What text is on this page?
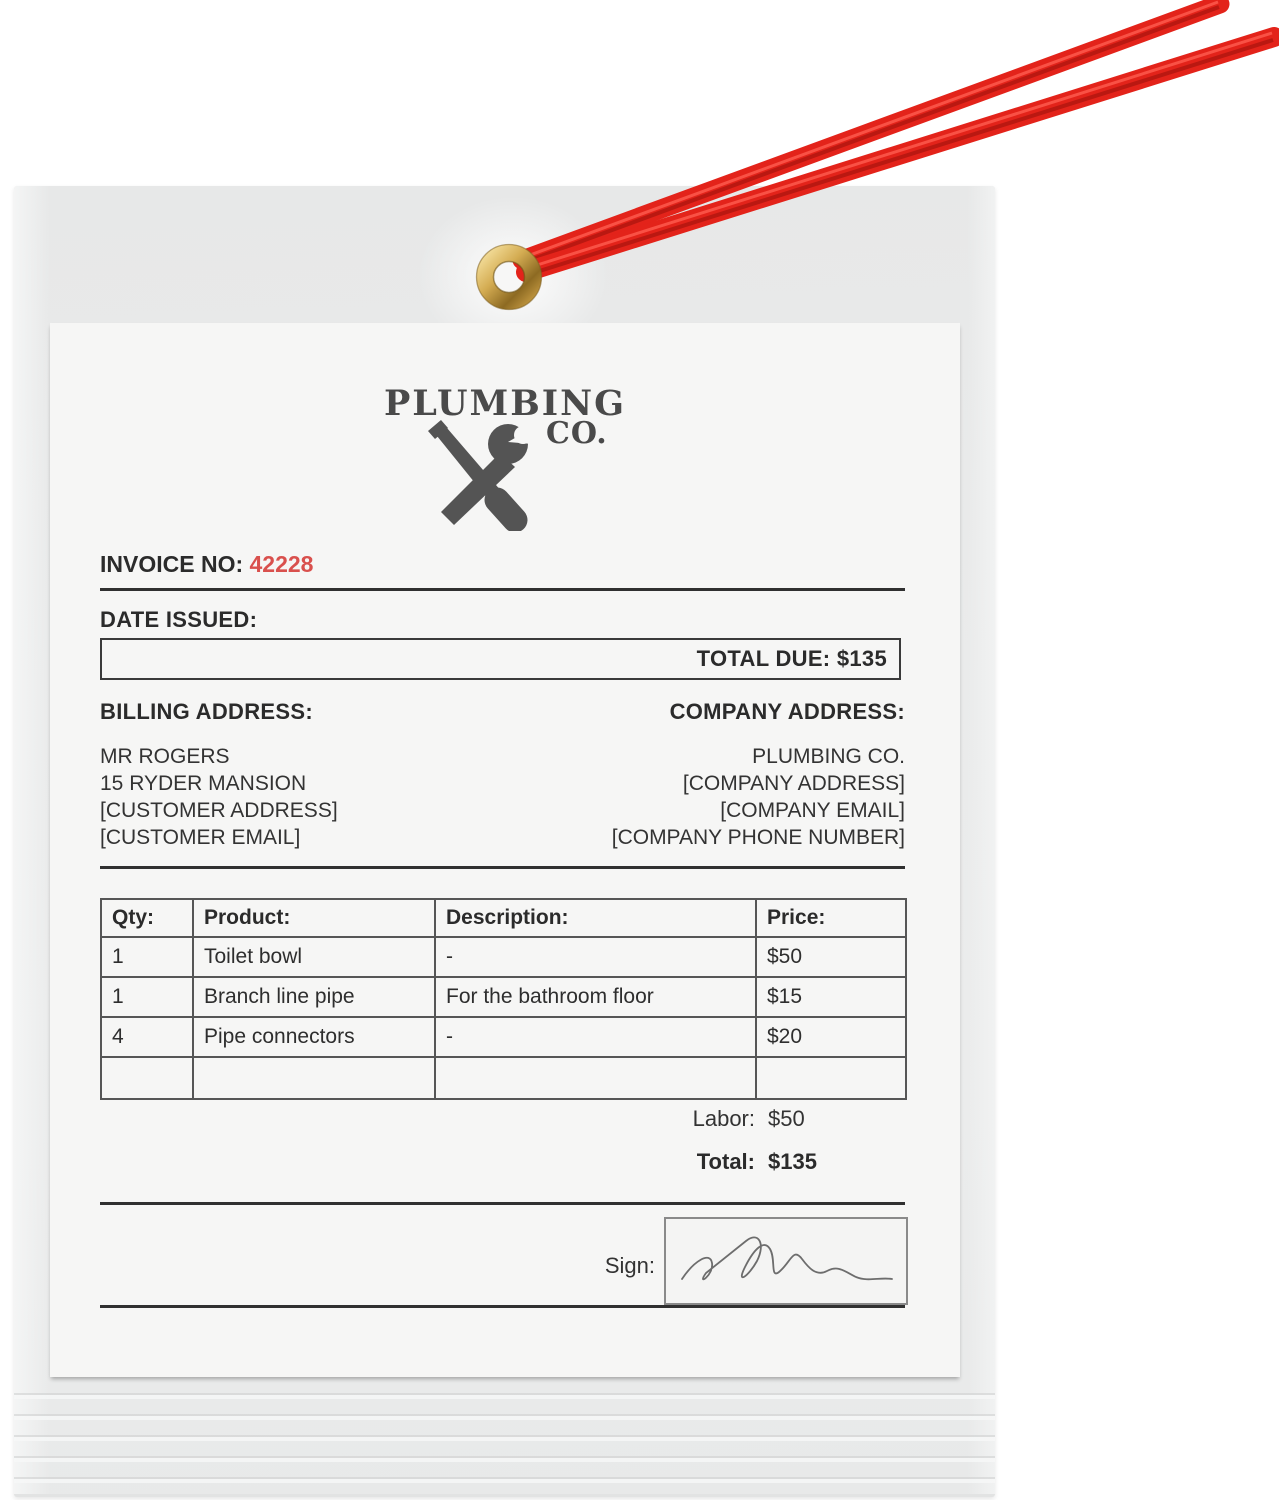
PLUMBING
CO.
INVOICE NO: 42228
DATE ISSUED:
TOTAL DUE: $135
BILLING ADDRESS:	COMPANY ADDRESS:
MR ROGERS
15 RYDER MANSION
[CUSTOMER ADDRESS]
[CUSTOMER EMAIL]
PLUMBING CO.
[COMPANY ADDRESS]
[COMPANY EMAIL]
[COMPANY PHONE NUMBER]
Qty:	Product:	Description:	Price:
1	Toilet bowl	-	$50
1	Branch line pipe	For the bathroom floor	$15
4	Pipe connectors	-	$20

Labor: $50
Total: $135
Sign:
